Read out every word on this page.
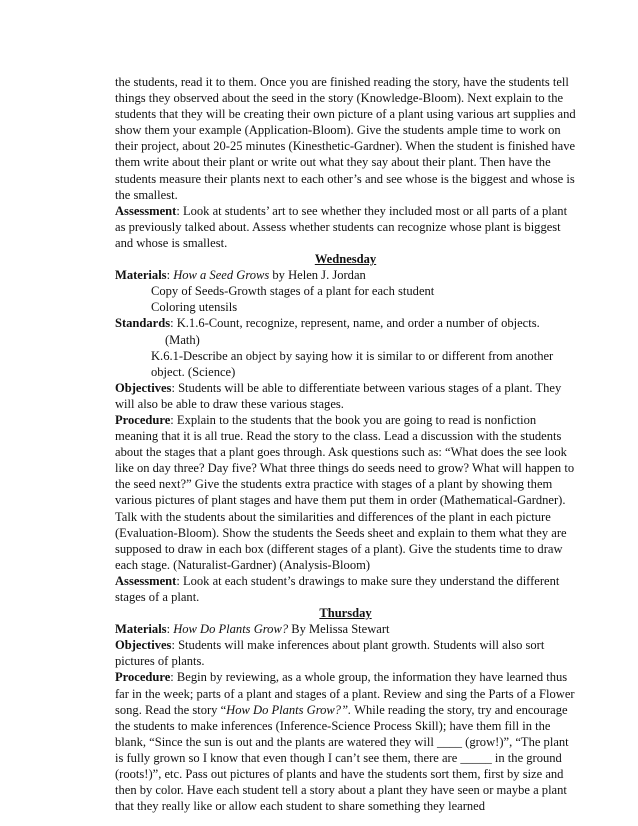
the students, read it to them. Once you are finished reading the story, have the students tell things they observed about the seed in the story (Knowledge-Bloom). Next explain to the students that they will be creating their own picture of a plant using various art supplies and show them your example (Application-Bloom). Give the students ample time to work on their project, about 20-25 minutes (Kinesthetic-Gardner). When the student is finished have them write about their plant or write out what they say about their plant. Then have the students measure their plants next to each other’s and see whose is the biggest and whose is the smallest.

Assessment: Look at students’ art to see whether they included most or all parts of a plant as previously talked about. Assess whether students can recognize whose plant is biggest and whose is smallest.

Wednesday

Materials: How a Seed Grows by Helen J. Jordan

Copy of Seeds-Growth stages of a plant for each student

Coloring utensils

Standards: K.1.6-Count, recognize, represent, name, and order a number of objects.

(Math)

K.6.1-Describe an object by saying how it is similar to or different from another object. (Science)

Objectives: Students will be able to differentiate between various stages of a plant. They will also be able to draw these various stages.

Procedure: Explain to the students that the book you are going to read is nonfiction meaning that it is all true. Read the story to the class. Lead a discussion with the students about the stages that a plant goes through. Ask questions such as: “What does the see look like on day three? Day five? What three things do seeds need to grow? What will happen to the seed next?” Give the students extra practice with stages of a plant by showing them various pictures of plant stages and have them put them in order (Mathematical-Gardner). Talk with the students about the similarities and differences of the plant in each picture (Evaluation-Bloom). Show the students the Seeds sheet and explain to them what they are supposed to draw in each box (different stages of a plant). Give the students time to draw each stage. (Naturalist-Gardner) (Analysis-Bloom)

Assessment: Look at each student’s drawings to make sure they understand the different stages of a plant.

Thursday

Materials: How Do Plants Grow? By Melissa Stewart

Objectives: Students will make inferences about plant growth. Students will also sort pictures of plants.

Procedure: Begin by reviewing, as a whole group, the information they have learned thus far in the week; parts of a plant and stages of a plant. Review and sing the Parts of a Flower song. Read the story “How Do Plants Grow?”. While reading the story, try and encourage the students to make inferences (Inference-Science Process Skill); have them fill in the blank, “Since the sun is out and the plants are watered they will ____ (grow!)”, “The plant is fully grown so I know that even though I can’t see them, there are _____ in the ground (roots!)”, etc. Pass out pictures of plants and have the students sort them, first by size and then by color. Have each student tell a story about a plant they have seen or maybe a plant that they really like or allow each student to share something they learned
